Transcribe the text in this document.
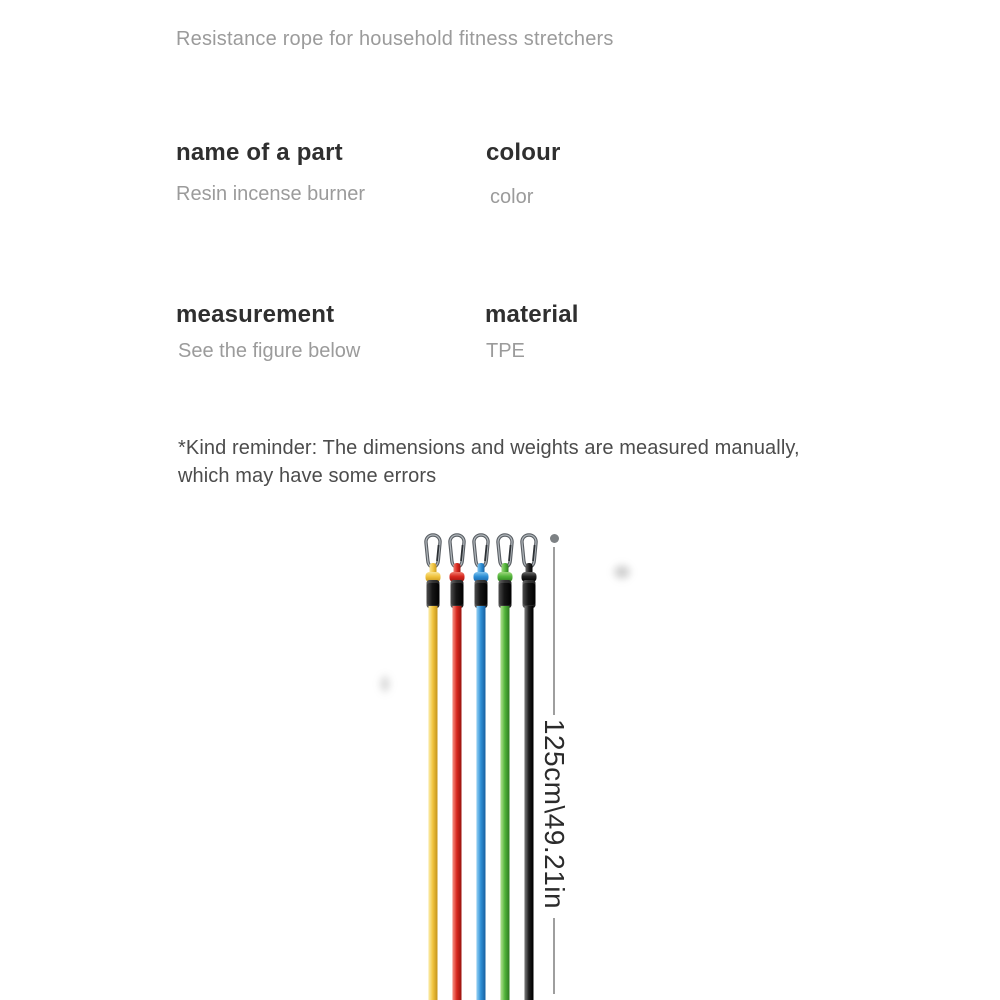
Resistance rope for household fitness stretchers
name of a part
Resin incense burner
colour
color
measurement
See the figure below
material
TPE
*Kind reminder: The dimensions and weights are measured manually,
which may have some errors
125cm\49.21in
